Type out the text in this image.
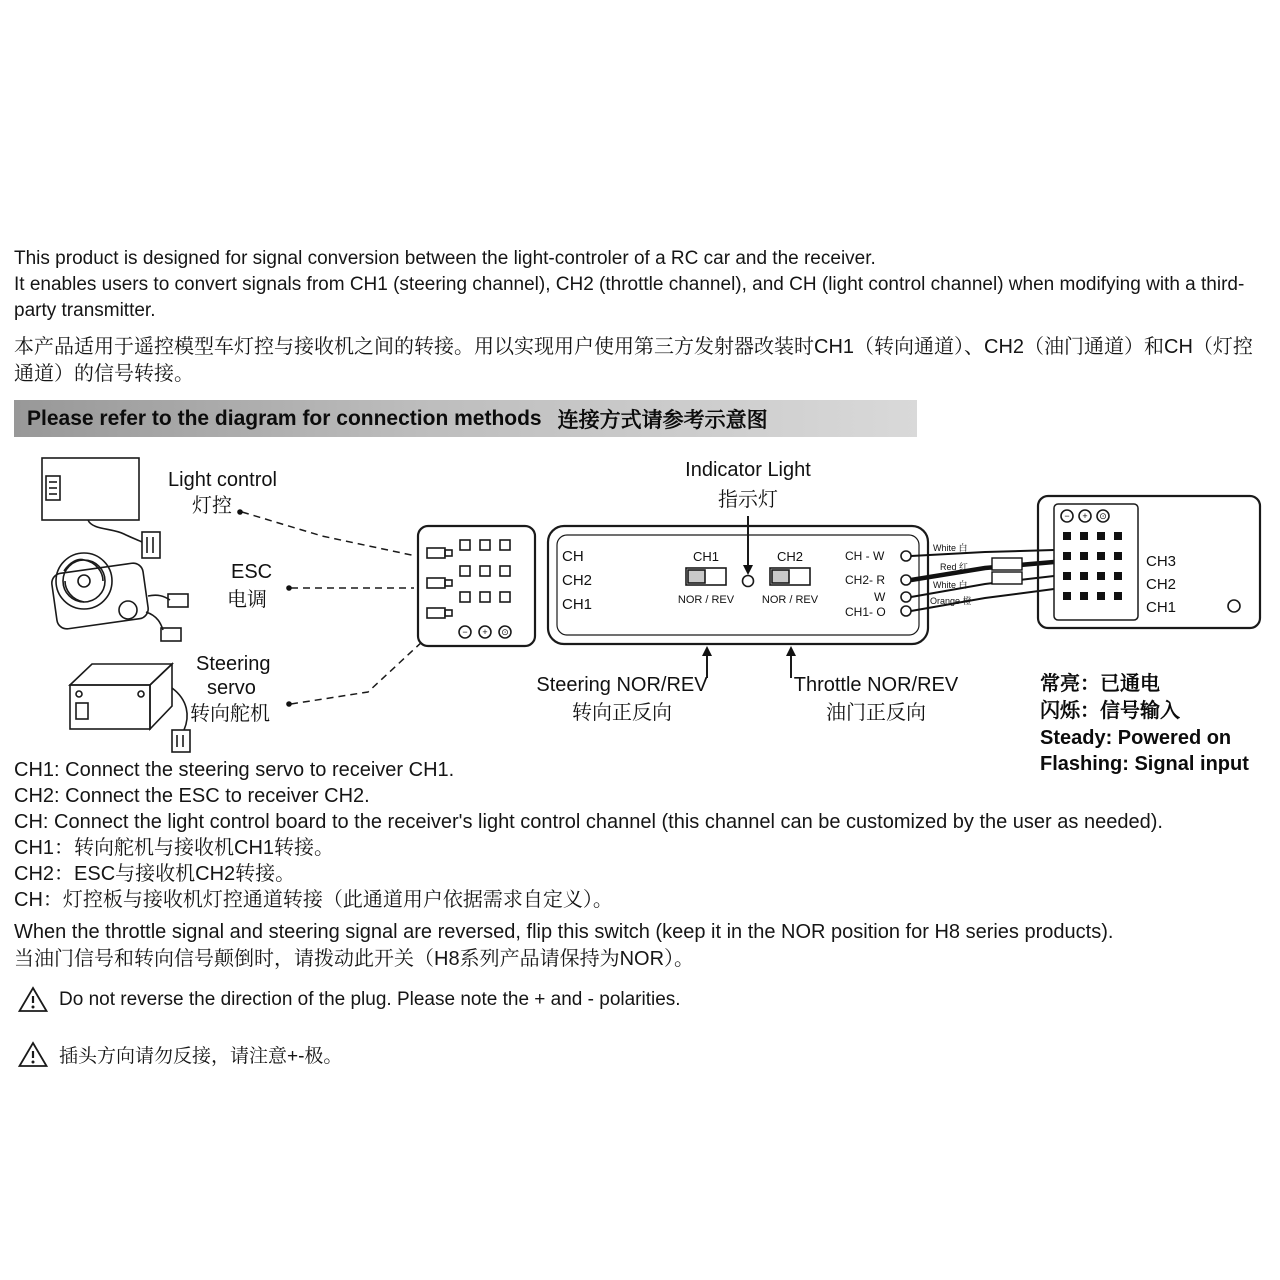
This product is designed for signal conversion between the light-controler of a RC car and the receiver.

It enables users to convert signals from CH1 (steering channel), CH2 (throttle channel), and CH (light control channel) when modifying with a third-party transmitter.

本产品适用于遥控模型车灯控与接收机之间的转接。用以实现用户使用第三方发射器改装时CH1（转向通道）、CH2（油门通道）和CH（灯控通道）的信号转接。
Please refer to the diagram for connection methods 连接方式请参考示意图
Light control
灯控
ESC
电调
Steering
servo
转向舵机
Indicator Light
指示灯
Steering NOR/REV
转向正反向
Throttle NOR/REV
油门正反向
CH
CH2
CH1
CH3
CH2
CH1
CH1	CH2
NOR / REV	NOR / REV
CH - W
CH2- R
W
CH1- O
White 白
Red 红
White 白
Orange 橙
− + ⊙
− + ⊙
常亮：已通电
闪烁：信号输入
Steady: Powered on
Flashing: Signal input
CH1: Connect the steering servo to receiver CH1.
CH2: Connect the ESC to receiver CH2.
CH: Connect the light control board to the receiver's light control channel (this channel can be customized by the user as needed).
CH1：转向舵机与接收机CH1转接。
CH2：ESC与接收机CH2转接。
CH：灯控板与接收机灯控通道转接（此通道用户依据需求自定义）。
When the throttle signal and steering signal are reversed, flip this switch (keep it in the NOR position for H8 series products).
当油门信号和转向信号颠倒时，请拨动此开关（H8系列产品请保持为NOR）。
Do not reverse the direction of the plug. Please note the + and - polarities.
插头方向请勿反接，请注意+-极。
